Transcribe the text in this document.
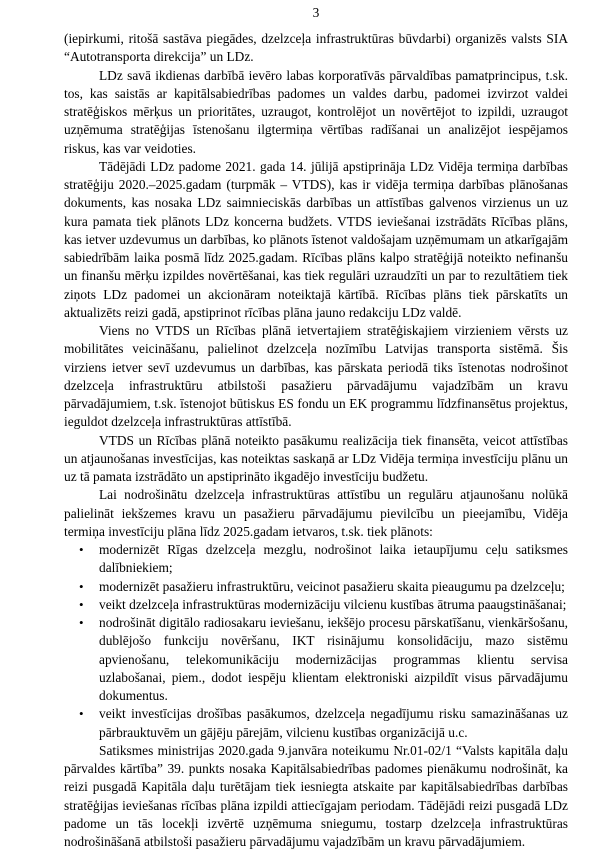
3

(iepirkumi, ritošā sastāva piegādes, dzelzceļa infrastruktūras būvdarbi) organizēs valsts SIA “Autotransporta direkcija” un LDz.

LDz savā ikdienas darbībā ievēro labas korporatīvās pārvaldības pamatprincipus, t.sk. tos, kas saistās ar kapitālsabiedrības padomes un valdes darbu, padomei izvirzot valdei stratēģiskos mērķus un prioritātes, uzraugot, kontrolējot un novērtējot to izpildi, uzraugot uzņēmuma stratēģijas īstenošanu ilgtermiņa vērtības radīšanai un analizējot iespējamos riskus, kas var veidoties.

Tādējādi LDz padome 2021. gada 14. jūlijā apstiprināja LDz Vidēja termiņa darbības stratēģiju 2020.–2025.gadam (turpmāk – VTDS), kas ir vidēja termiņa darbības plānošanas dokuments, kas nosaka LDz saimnieciskās darbības un attīstības galvenos virzienus un uz kura pamata tiek plānots LDz koncerna budžets. VTDS ieviešanai izstrādāts Rīcības plāns, kas ietver uzdevumus un darbības, ko plānots īstenot valdošajam uzņēmumam un atkarīgajām sabiedrībām laika posmā līdz 2025.gadam. Rīcības plāns kalpo stratēģijā noteikto nefinanšu un finanšu mērķu izpildes novērtēšanai, kas tiek regulāri uzraudzīti un par to rezultātiem tiek ziņots LDz padomei un akcionāram noteiktajā kārtībā. Rīcības plāns tiek pārskatīts un aktualizēts reizi gadā, apstiprinot rīcības plāna jauno redakciju LDz valdē.

Viens no VTDS un Rīcības plānā ietvertajiem stratēģiskajiem virzieniem vērsts uz mobilitātes veicināšanu, palielinot dzelzceļa nozīmību Latvijas transporta sistēmā. Šis virziens ietver sevī uzdevumus un darbības, kas pārskata periodā tiks īstenotas nodrošinot dzelzceļa infrastruktūru atbilstoši pasažieru pārvadājumu vajadzībām un kravu pārvadājumiem, t.sk. īstenojot būtiskus ES fondu un EK programmu līdzfinansētus projektus, ieguldot dzelzceļa infrastruktūras attīstībā.

VTDS un Rīcības plānā noteikto pasākumu realizācija tiek finansēta, veicot attīstības un atjaunošanas investīcijas, kas noteiktas saskaņā ar LDz Vidēja termiņa investīciju plānu un uz tā pamata izstrādāto un apstiprināto ikgadējo investīciju budžetu.

Lai nodrošinātu dzelzceļa infrastruktūras attīstību un regulāru atjaunošanu nolūkā palielināt iekšzemes kravu un pasažieru pārvadājumu pievilcību un pieejamību, Vidēja termiņa investīciju plāna līdz 2025.gadam ietvaros, t.sk. tiek plānots:

• modernizēt Rīgas dzelzceļa mezglu, nodrošinot laika ietaupījumu ceļu satiksmes dalībniekiem;
• modernizēt pasažieru infrastruktūru, veicinot pasažieru skaita pieaugumu pa dzelzceļu;
• veikt dzelzceļa infrastruktūras modernizāciju vilcienu kustības ātruma paaugstināšanai;
• nodrošināt digitālo radiosakaru ieviešanu, iekšējo procesu pārskatīšanu, vienkāršošanu, dublējošo funkciju novēršanu, IKT risinājumu konsolidāciju, mazo sistēmu apvienošanu, telekomunikāciju modernizācijas programmas klientu servisa uzlabošanai, piem., dodot iespēju klientam elektroniski aizpildīt visus pārvadājumu dokumentus.
• veikt investīcijas drošības pasākumos, dzelzceļa negadījumu risku samazināšanas uz pārbrauktuvēm un gājēju pārejām, vilcienu kustības organizācijā u.c.

Satiksmes ministrijas 2020.gada 9.janvāra noteikumu Nr.01-02/1 “Valsts kapitāla daļu pārvaldes kārtība” 39. punkts nosaka Kapitālsabiedrības padomes pienākumu nodrošināt, ka reizi pusgadā Kapitāla daļu turētājam tiek iesniegta atskaite par kapitālsabiedrības darbības stratēģijas ieviešanas rīcības plāna izpildi attiecīgajam periodam. Tādējādi reizi pusgadā LDz padome un tās locekļi izvērtē uzņēmuma sniegumu, tostarp dzelzceļa infrastruktūras nodrošināšanā atbilstoši pasažieru pārvadājumu vajadzībām un kravu pārvadājumiem.
